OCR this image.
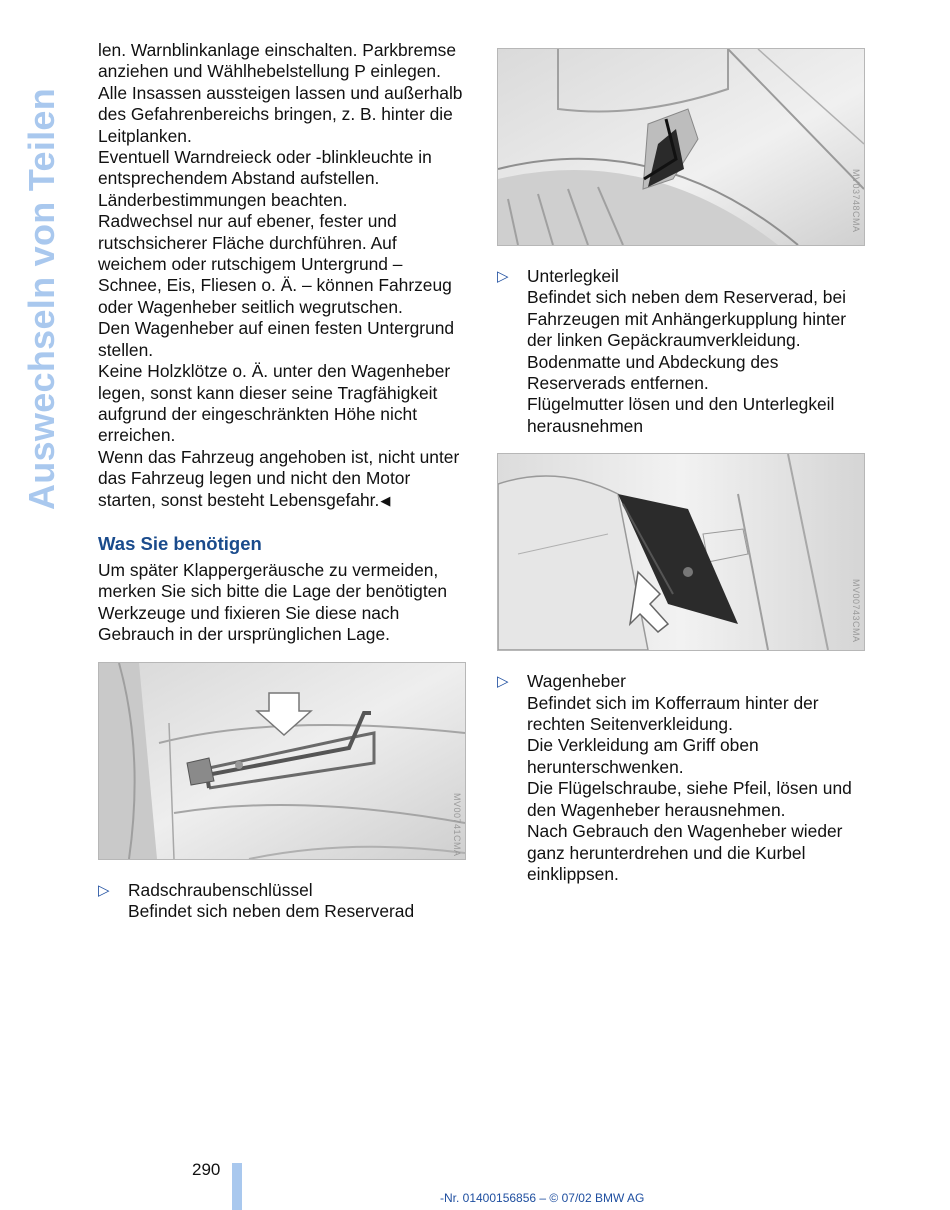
Auswechseln von Teilen

len. Warnblinkanlage einschalten. Parkbremse anziehen und Wählhebelstellung P einlegen.

Alle Insassen aussteigen lassen und außerhalb des Gefahrenbereichs bringen, z. B. hinter die Leitplanken.

Eventuell Warndreieck oder -blinkleuchte in entsprechendem Abstand aufstellen. Länderbestimmungen beachten.

Radwechsel nur auf ebener, fester und rutschsicherer Fläche durchführen. Auf weichem oder rutschigem Untergrund – Schnee, Eis, Fliesen o. Ä. – können Fahrzeug oder Wagenheber seitlich wegrutschen.

Den Wagenheber auf einen festen Untergrund stellen.

Keine Holzklötze o. Ä. unter den Wagenheber legen, sonst kann dieser seine Tragfähigkeit aufgrund der eingeschränkten Höhe nicht erreichen.

Wenn das Fahrzeug angehoben ist, nicht unter das Fahrzeug legen und nicht den Motor starten, sonst besteht Lebensgefahr.◀

Was Sie benötigen

Um später Klappergeräusche zu vermeiden, merken Sie sich bitte die Lage der benötigten Werkzeuge und fixieren Sie diese nach Gebrauch in der ursprünglichen Lage.

MV00741CMA
▷	Radschraubenschlüssel
Befindet sich neben dem Reserverad
MV03748CMA
▷	Unterlegkeil
Befindet sich neben dem Reserverad, bei Fahrzeugen mit Anhängerkupplung hinter der linken Gepäckraumverkleidung.
Bodenmatte und Abdeckung des Reserverads entfernen.
Flügelmutter lösen und den Unterlegkeil herausnehmen
MV00743CMA
▷	Wagenheber
Befindet sich im Kofferraum hinter der rechten Seitenverkleidung.
Die Verkleidung am Griff oben herunterschwenken.
Die Flügelschraube, siehe Pfeil, lösen und den Wagenheber herausnehmen.
Nach Gebrauch den Wagenheber wieder ganz herunterdrehen und die Kurbel einklippsen.
290
-Nr. 01400156856 – © 07/02 BMW AG
